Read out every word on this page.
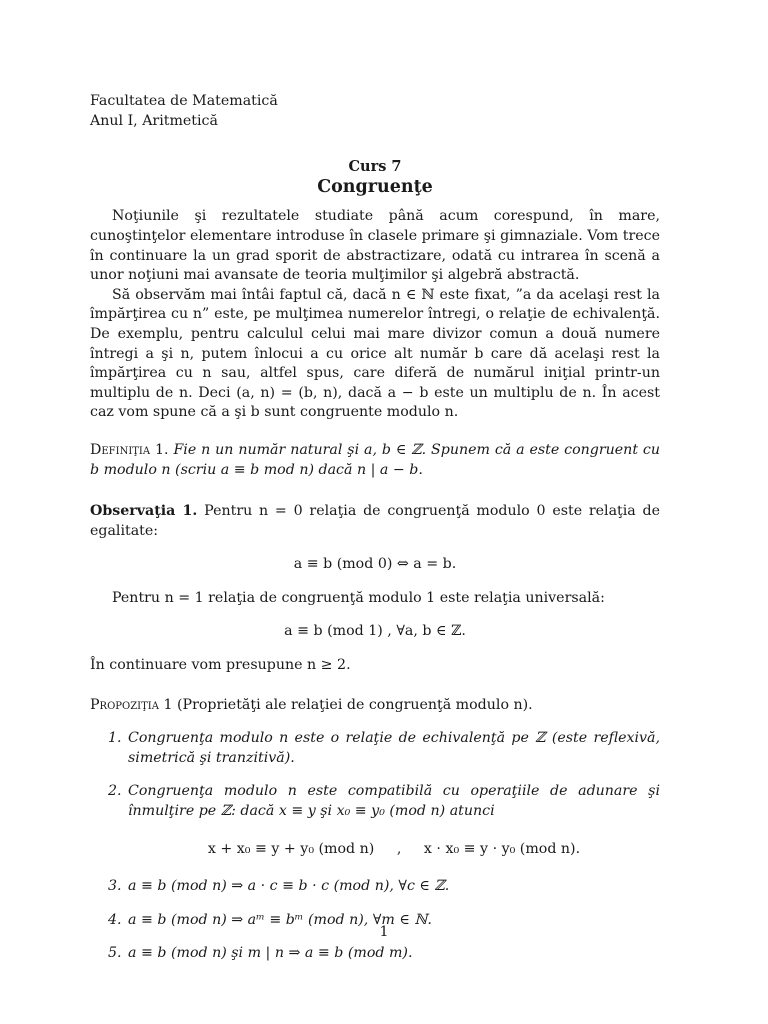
Facultatea de Matematică
Anul I, Aritmetică
Curs 7
Congruenţe

Noţiunile şi rezultatele studiate până acum corespund, în mare, cunoştinţelor elementare introduse în clasele primare şi gimnaziale. Vom trece în continuare la un grad sporit de abstractizare, odată cu intrarea în scenă a unor noţiuni mai avansate de teoria mulţimilor şi algebră abstractă.

Să observăm mai întâi faptul că, dacă n ∈ ℕ este fixat, ”a da acelaşi rest la împărţirea cu n” este, pe mulţimea numerelor întregi, o relaţie de echivalenţă. De exemplu, pentru calculul celui mai mare divizor comun a două numere întregi a şi n, putem înlocui a cu orice alt număr b care dă acelaşi rest la împărţirea cu n sau, altfel spus, care diferă de numărul iniţial printr-un multiplu de n. Deci (a, n) = (b, n), dacă a − b este un multiplu de n. În acest caz vom spune că a şi b sunt congruente modulo n.

Definiţia 1. Fie n un număr natural şi a, b ∈ ℤ. Spunem că a este congruent cu b modulo n (scriu a ≡ b mod n) dacă n | a − b.

Observaţia 1. Pentru n = 0 relaţia de congruenţă modulo 0 este relaţia de egalitate:

a ≡ b (mod 0) ⇔ a = b.

Pentru n = 1 relaţia de congruenţă modulo 1 este relaţia universală:

a ≡ b (mod 1) , ∀a, b ∈ ℤ.

În continuare vom presupune n ≥ 2.

Propoziţia 1 (Proprietăţi ale relaţiei de congruenţă modulo n).

1. Congruenţa modulo n este o relaţie de echivalenţă pe ℤ (este reflexivă, simetrică şi tranzitivă).
2. Congruenţa modulo n este compatibilă cu operaţiile de adunare şi înmulţire pe ℤ: dacă x ≡ y şi x₀ ≡ y₀ (mod n) atunci
x + x₀ ≡ y + y₀ (mod n)     ,     x · x₀ ≡ y · y₀ (mod n).
3. a ≡ b (mod n) ⇒ a · c ≡ b · c (mod n), ∀c ∈ ℤ.
4. a ≡ b (mod n) ⇒ aᵐ ≡ bᵐ (mod n), ∀m ∈ ℕ.
5. a ≡ b (mod n) şi m | n ⇒ a ≡ b (mod m).
1
